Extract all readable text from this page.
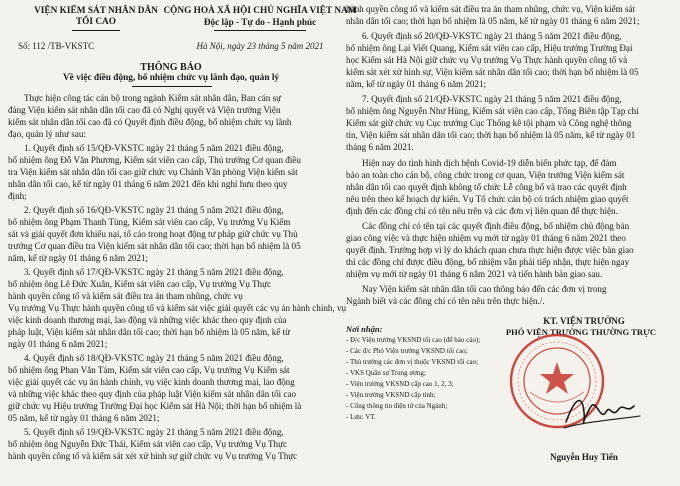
VIỆN KIỂM SÁT NHÂN DÂN
TỐI CAO
Số: 112 /TB-VKSTC
CỘNG HOÀ XÃ HỘI CHỦ NGHĨA VIỆT NAM
Độc lập - Tự do - Hạnh phúc
Hà Nội, ngày 23 tháng 5 năm 2021
THÔNG BÁO
Về việc điều động, bổ nhiệm chức vụ lãnh đạo, quản lý
Thực hiện công tác cán bộ trong ngành Kiểm sát nhân dân, Ban cán sự
đảng Viện kiểm sát nhân dân tối cao đã có Nghị quyết và Viện trưởng Viện
kiểm sát nhân dân tối cao đã có Quyết định điều động, bổ nhiệm chức vụ lãnh
đạo, quản lý như sau:
1. Quyết định số 15/QĐ-VKSTC ngày 21 tháng 5 năm 2021 điều động,
bổ nhiệm ông Đỗ Văn Phương, Kiểm sát viên cao cấp, Thủ trưởng Cơ quan điều
tra Viện kiểm sát nhân dân tối cao giữ chức vụ Chánh Văn phòng Viện kiểm sát
nhân dân tối cao, kể từ ngày 01 tháng 6 năm 2021 đến khi nghỉ hưu theo quy
định;
2. Quyết định số 16/QĐ-VKSTC ngày 21 tháng 5 năm 2021 điều động,
bổ nhiệm ông Phạm Thanh Tùng, Kiểm sát viên cao cấp, Vụ trưởng Vụ Kiểm
sát và giải quyết đơn khiếu nại, tố cáo trong hoạt động tư pháp giữ chức vụ Thủ
trưởng Cơ quan điều tra Viện kiểm sát nhân dân tối cao; thời hạn bổ nhiệm là 05
năm, kể từ ngày 01 tháng 6 năm 2021;
3. Quyết định số 17/QĐ-VKSTC ngày 21 tháng 5 năm 2021 điều động,
bổ nhiệm ông Lê Đức Xuân, Kiểm sát viên cao cấp, Vụ trưởng Vụ Thực
hành quyền công tố và kiểm sát điều tra án tham nhũng, chức vụ
Vụ trưởng Vụ Thực hành quyền công tố và kiểm sát việc giải quyết các vụ án hành chính, vụ
việc kinh doanh thương mại, lao động và những việc khác theo quy định của
pháp luật, Viện kiểm sát nhân dân tối cao; thời hạn bổ nhiệm là 05 năm, kể từ
ngày 01 tháng 6 năm 2021;
4. Quyết định số 18/QĐ-VKSTC ngày 21 tháng 5 năm 2021 điều động,
bổ nhiệm ông Phan Văn Tám, Kiểm sát viên cao cấp, Vụ trưởng Vụ Kiểm sát
việc giải quyết các vụ án hành chính, vụ việc kinh doanh thương mại, lao động
và những việc khác theo quy định của pháp luật Viện kiểm sát nhân dân tối cao
giữ chức vụ Hiệu trưởng Trường Đại học Kiểm sát Hà Nội; thời hạn bổ nhiệm là
05 năm, kể từ ngày 01 tháng 6 năm 2021;
5. Quyết định số 19/QĐ-VKSTC ngày 21 tháng 5 năm 2021 điều động,
bổ nhiệm ông Nguyễn Đức Thái, Kiểm sát viên cao cấp, Vụ trưởng Vụ Thực
hành quyền công tố và kiểm sát xét xử hình sự giữ chức vụ Vụ trưởng Vụ Thực
Viện kiểm sát nhân dân tối cao giữ chức vụ
hành quyền công tố và kiểm sát điều tra án tham nhũng, chức vụ, Viện kiểm sát
nhân dân tối cao; thời hạn bổ nhiệm là 05 năm, kể từ ngày 01 tháng 6 năm 2021;
6. Quyết định số 20/QĐ-VKSTC ngày 21 tháng 5 năm 2021 điều động,
bổ nhiệm ông Lại Viết Quang, Kiểm sát viên cao cấp, Hiệu trưởng Trường Đại
học Kiểm sát Hà Nội giữ chức vụ Vụ trưởng Vụ Thực hành quyền công tố và
kiểm sát xét xử hình sự, Viện kiểm sát nhân dân tối cao; thời hạn bổ nhiệm là 05
năm, kể từ ngày 01 tháng 6 năm 2021;
7. Quyết định số 21/QĐ-VKSTC ngày 21 tháng 5 năm 2021 điều động,
bổ nhiệm ông Nguyễn Như Hùng, Kiểm sát viên cao cấp, Tổng Biên tập Tạp chí
Kiểm sát giữ chức vụ Cục trưởng Cục Thống kê tội phạm và Công nghệ thông
tin, Viện kiểm sát nhân dân tối cao; thời hạn bổ nhiệm là 05 năm, kể từ ngày 01
tháng 6 năm 2021.
Hiện nay do tình hình dịch bệnh Covid-19 diễn biến phức tạp, để đảm
bảo an toàn cho cán bộ, công chức trong cơ quan, Viện trưởng Viện kiểm sát
nhân dân tối cao quyết định không tổ chức Lễ công bố và trao các quyết định
nêu trên theo kế hoạch dự kiến. Vụ Tổ chức cán bộ có trách nhiệm giao quyết
định đến các đồng chí có tên nêu trên và các đơn vị liên quan để thực hiện.
Các đồng chí có tên tại các quyết định điều động, bổ nhiệm chủ động bàn
giao công việc và thực hiện nhiệm vụ mới từ ngày 01 tháng 6 năm 2021 theo
quyết định. Trường hợp vì lý do khách quan chưa thực hiện được việc bàn giao
thì các đồng chí được điều động, bổ nhiệm vẫn phải tiếp nhận, thực hiện ngay
nhiệm vụ mới từ ngày 01 tháng 6 năm 2021 và tiến hành bàn giao sau.
Nay Viện kiểm sát nhân dân tối cao thông báo đến các đơn vị trong
Ngành biết và các đồng chí có tên nêu trên thực hiện./.
Nơi nhận:
- Đ/c Viện trưởng VKSND tối cao (để báo cáo);
- Các đ/c Phó Viện trưởng VKSND tối cao;
- Thủ trưởng các đơn vị thuộc VKSND tối cao;
- VKS Quân sự Trung ương;
- Viện trưởng VKSND cấp cao 1, 2, 3;
- Viện trưởng VKSND cấp tỉnh;
- Cổng thông tin điện tử của Ngành;
- Lưu: VT.
KT. VIỆN TRƯỞNG
PHÓ VIỆN TRƯỞNG THƯỜNG TRỰC
Nguyễn Huy Tiến
